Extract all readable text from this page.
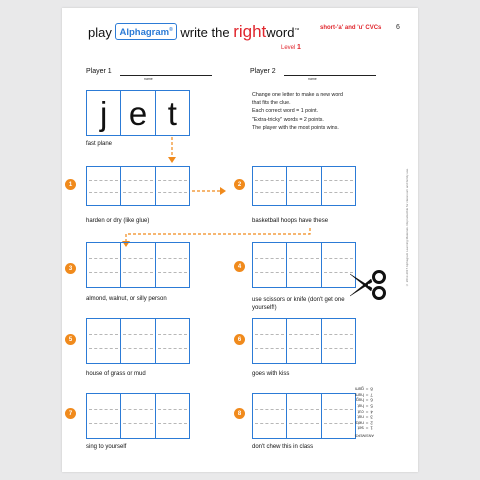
play Alphagram® write the rightword™
Level 1
short-'a' and 'u' CVCs 6
Player 1
name
Player 2
name
Change one letter to make a new word
that fits the clue.
Each correct word = 1 point.
"Extra-tricky" words = 2 points.
The player with the most points wins.
j e t
fast plane
1
harden or dry (like glue)
2
basketball hoops have these
3
almond, walnut, or silly person
4
use scissors or knife (don't get one yourself!)
5
house of grass or mud
6
goes with kiss
7
sing to yourself
8
don't chew this in class
ANSWERS
1	=	set
2	=	nets
3	=	nut
4	=	cut
5	=	hut
6	=	hug
7	=	hum
8	=	gum
© 2013-2017 Alphagram Learning Materials. Reproducible for classroom and family use.
